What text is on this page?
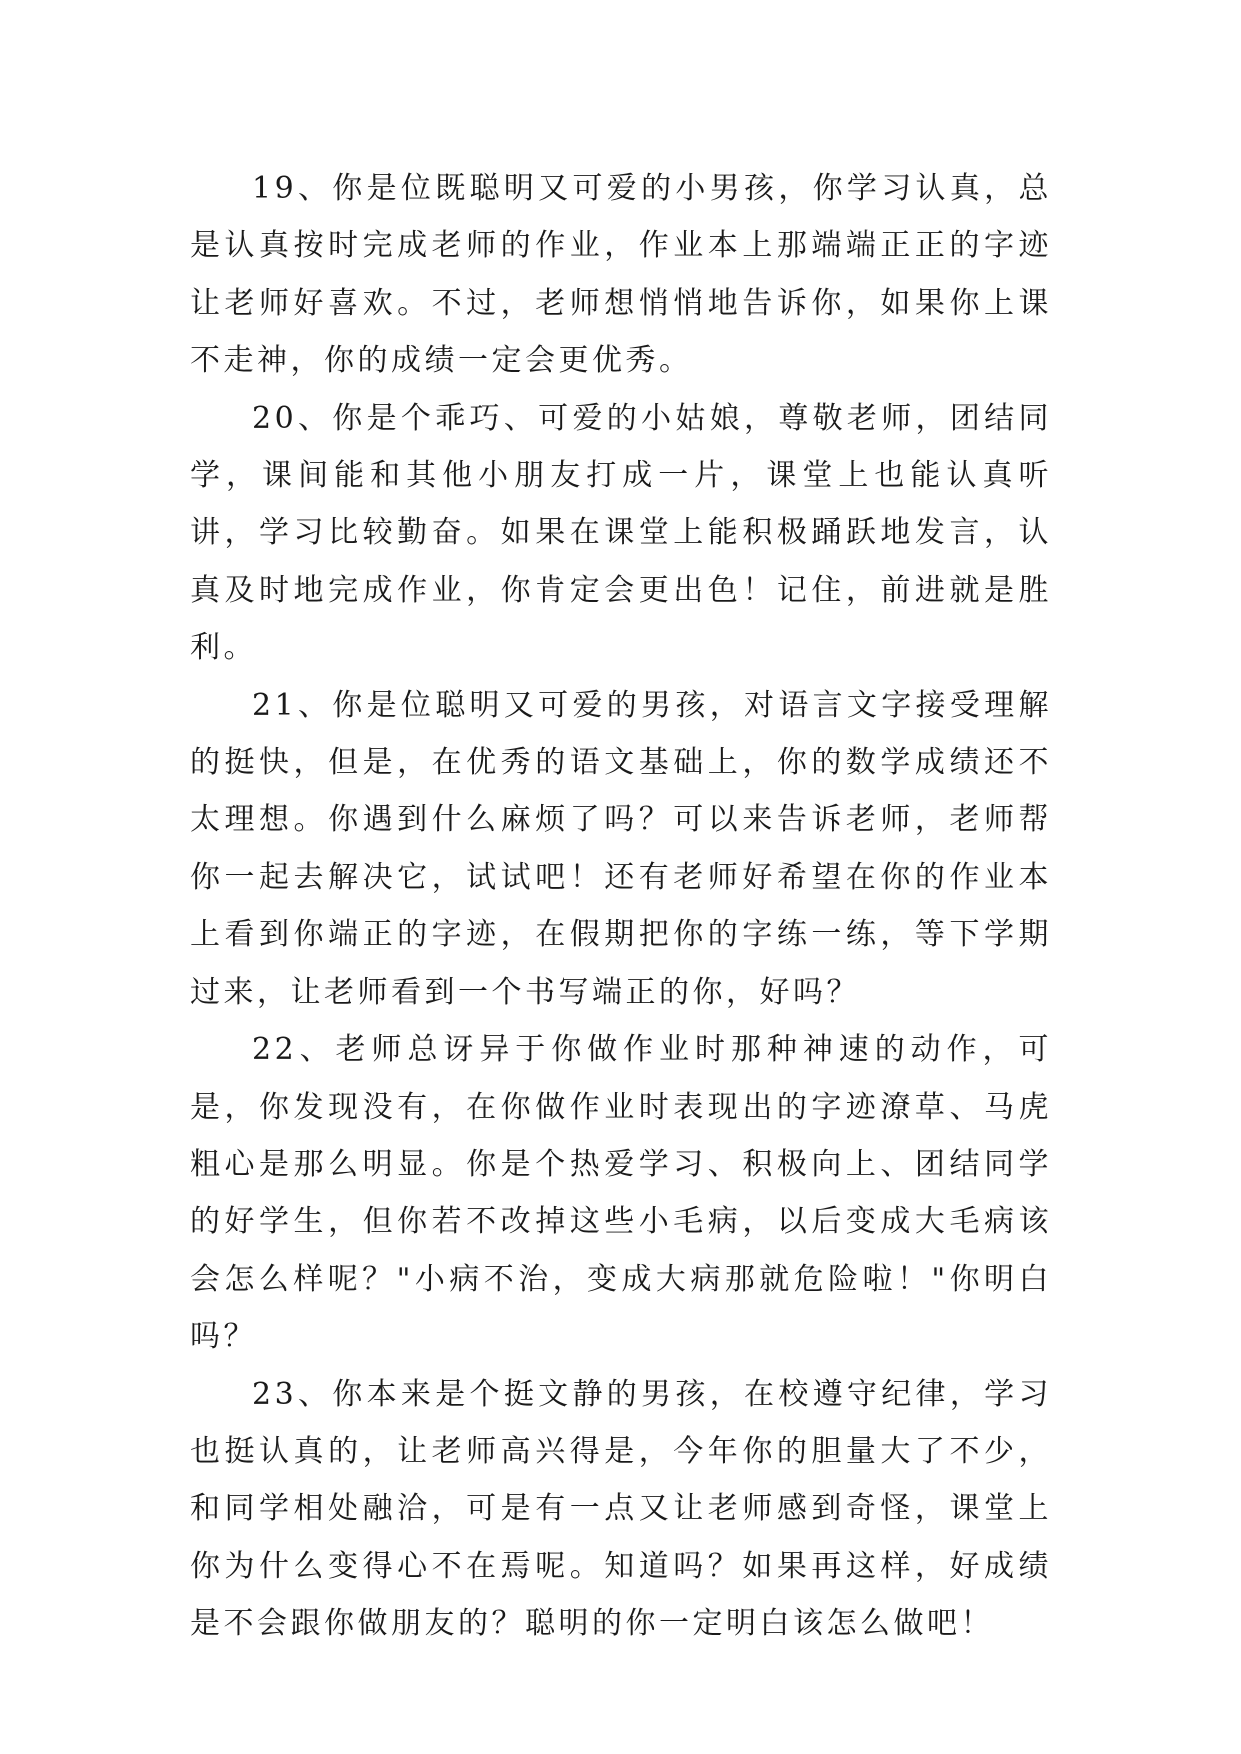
19、你是位既聪明又可爱的小男孩，你学习认真，总是认真按时完成老师的作业，作业本上那端端正正的字迹让老师好喜欢。不过，老师想悄悄地告诉你，如果你上课不走神，你的成绩一定会更优秀。

20、你是个乖巧、可爱的小姑娘，尊敬老师，团结同学，课间能和其他小朋友打成一片，课堂上也能认真听讲，学习比较勤奋。如果在课堂上能积极踊跃地发言，认真及时地完成作业，你肯定会更出色！记住，前进就是胜利。

21、你是位聪明又可爱的男孩，对语言文字接受理解的挺快，但是，在优秀的语文基础上，你的数学成绩还不太理想。你遇到什么麻烦了吗？可以来告诉老师，老师帮你一起去解决它，试试吧！还有老师好希望在你的作业本上看到你端正的字迹，在假期把你的字练一练，等下学期过来，让老师看到一个书写端正的你，好吗？

22、老师总讶异于你做作业时那种神速的动作，可是，你发现没有，在你做作业时表现出的字迹潦草、马虎粗心是那么明显。你是个热爱学习、积极向上、团结同学的好学生，但你若不改掉这些小毛病，以后变成大毛病该会怎么样呢？"小病不治，变成大病那就危险啦！"你明白吗？

23、你本来是个挺文静的男孩，在校遵守纪律，学习也挺认真的，让老师高兴得是，今年你的胆量大了不少，和同学相处融洽，可是有一点又让老师感到奇怪，课堂上你为什么变得心不在焉呢。知道吗？如果再这样，好成绩是不会跟你做朋友的？聪明的你一定明白该怎么做吧！
